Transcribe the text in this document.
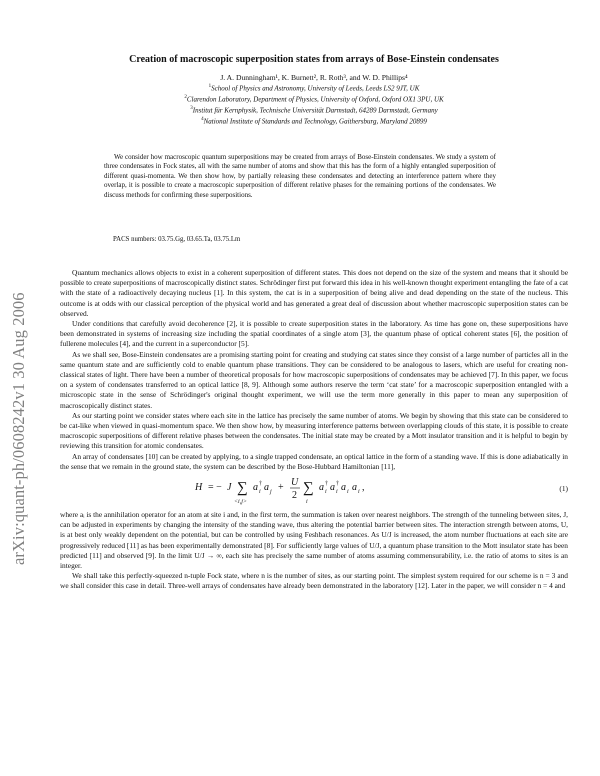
arXiv:quant-ph/0608242v1 30 Aug 2006
Creation of macroscopic superposition states from arrays of Bose-Einstein condensates
J. A. Dunningham¹, K. Burnett², R. Roth³, and W. D. Phillips⁴
$^1$School of Physics and Astronomy, University of Leeds, Leeds LS2 9JT, UK
$^2$Clarendon Laboratory, Department of Physics, University of Oxford, Oxford OX1 3PU, UK
$^3$Institut für Kernphysik, Technische Universität Darmstadt, 64289 Darmstadt, Germany
$^4$National Institute of Standards and Technology, Gaithersburg, Maryland 20899

We consider how macroscopic quantum superpositions may be created from arrays of Bose-Einstein condensates. We study a system of three condensates in Fock states, all with the same number of atoms and show that this has the form of a highly entangled superposition of different quasi-momenta. We then show how, by partially releasing these condensates and detecting an interference pattern where they overlap, it is possible to create a macroscopic superposition of different relative phases for the remaining portions of the condensates. We discuss methods for confirming these superpositions.

PACS numbers: 03.75.Gg, 03.65.Ta, 03.75.Lm

Quantum mechanics allows objects to exist in a coherent superposition of different states. This does not depend on the size of the system and means that it should be possible to create superpositions of macroscopically distinct states. Schrödinger first put forward this idea in his well-known thought experiment entangling the fate of a cat with the state of a radioactively decaying nucleus [1]. In this system, the cat is in a superposition of being alive and dead depending on the state of the nucleus. This outcome is at odds with our classical perception of the physical world and has generated a great deal of discussion about whether macroscopic superposition states can be observed.

Under conditions that carefully avoid decoherence [2], it is possible to create superposition states in the laboratory. As time has gone on, these superpositions have been demonstrated in systems of increasing size including the spatial coordinates of a single atom [3], the quantum phase of optical coherent states [6], the position of fullerene molecules [4], and the current in a superconductor [5].

As we shall see, Bose-Einstein condensates are a promising starting point for creating and studying cat states since they consist of a large number of particles all in the same quantum state and are sufficiently cold to enable quantum phase transitions. They can be considered to be analogous to lasers, which are useful for creating non-classical states of light. There have been a number of theoretical proposals for how macroscopic superpositions of condensates may be achieved [7]. In this paper, we focus on a system of condensates transferred to an optical lattice [8, 9]. Although some authors reserve the term ‘cat state’ for a macroscopic superposition entangled with a microscopic state in the sense of Schrödinger's original thought experiment, we will use the term more generally in this paper to mean any superposition of macroscopically distinct states.

As our starting point we consider states where each site in the lattice has precisely the same number of atoms. We begin by showing that this state can be considered to be cat-like when viewed in quasi-momentum space. We then show how, by measuring interference patterns between overlapping clouds of this state, it is possible to create macroscopic superpositions of different relative phases between the condensates. The initial state may be created by a Mott insulator transition and it is helpful to begin by reviewing this transition for atomic condensates.

An array of condensates [10] can be created by applying, to a single trapped condensate, an optical lattice in the form of a standing wave. If this is done adiabatically in the sense that we remain in the ground state, the system can be described by the Bose-Hubbard Hamiltonian [11],

H = − J ∑
<i,j>
a †
i a j + U
2 ∑
i
a †
i a †
i a i a i ,	(1)

where aᵢ is the annihilation operator for an atom at site i and, in the first term, the summation is taken over nearest neighbors. The strength of the tunneling between sites, J, can be adjusted in experiments by changing the intensity of the standing wave, thus altering the potential barrier between sites. The interaction strength between atoms, U, is at best only weakly dependent on the potential, but can be controlled by using Feshbach resonances. As U/J is increased, the atom number fluctuations at each site are progressively reduced [11] as has been experimentally demonstrated [8]. For sufficiently large values of U/J, a quantum phase transition to the Mott insulator state has been predicted [11] and observed [9]. In the limit U/J → ∞, each site has precisely the same number of atoms assuming commensurability, i.e. the ratio of atoms to sites is an integer.

We shall take this perfectly-squeezed n-tuple Fock state, where n is the number of sites, as our starting point. The simplest system required for our scheme is n = 3 and we shall consider this case in detail. Three-well arrays of condensates have already been demonstrated in the laboratory [12]. Later in the paper, we will consider n = 4 and
